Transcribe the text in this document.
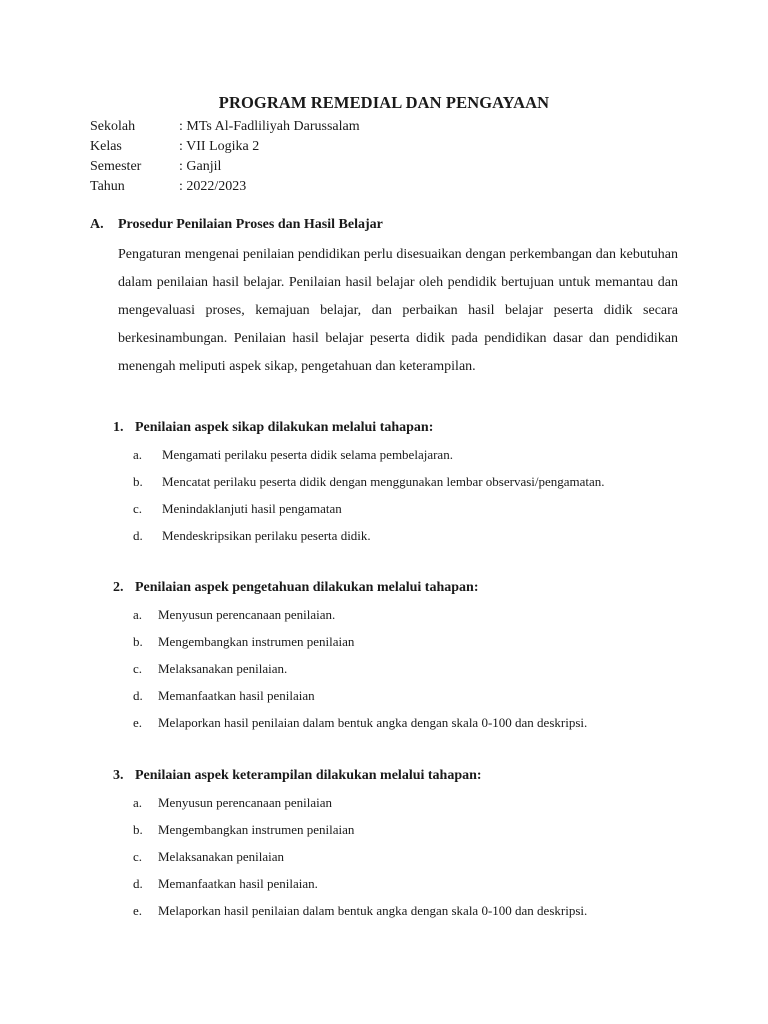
PROGRAM REMEDIAL DAN PENGAYAAN
Sekolah	: MTs Al-Fadliliyah Darussalam
Kelas	: VII Logika 2
Semester	: Ganjil
Tahun	: 2022/2023
A. Prosedur Penilaian Proses dan Hasil Belajar

Pengaturan mengenai penilaian pendidikan perlu disesuaikan dengan perkembangan dan kebutuhan dalam penilaian hasil belajar. Penilaian hasil belajar oleh pendidik bertujuan untuk memantau dan mengevaluasi proses, kemajuan belajar, dan perbaikan hasil belajar peserta didik secara berkesinambungan. Penilaian hasil belajar peserta didik pada pendidikan dasar dan pendidikan menengah meliputi aspek sikap, pengetahuan dan keterampilan.

1. Penilaian aspek sikap dilakukan melalui tahapan:
a. Mengamati perilaku peserta didik selama pembelajaran.
b. Mencatat perilaku peserta didik dengan menggunakan lembar observasi/pengamatan.
c. Menindaklanjuti hasil pengamatan
d. Mendeskripsikan perilaku peserta didik.
2. Penilaian aspek pengetahuan dilakukan melalui tahapan:
a. Menyusun perencanaan penilaian.
b. Mengembangkan instrumen penilaian
c. Melaksanakan penilaian.
d. Memanfaatkan hasil penilaian
e. Melaporkan hasil penilaian dalam bentuk angka dengan skala 0-100 dan deskripsi.
3. Penilaian aspek keterampilan dilakukan melalui tahapan:
a. Menyusun perencanaan penilaian
b. Mengembangkan instrumen penilaian
c. Melaksanakan penilaian
d. Memanfaatkan hasil penilaian.
e. Melaporkan hasil penilaian dalam bentuk angka dengan skala 0-100 dan deskripsi.
